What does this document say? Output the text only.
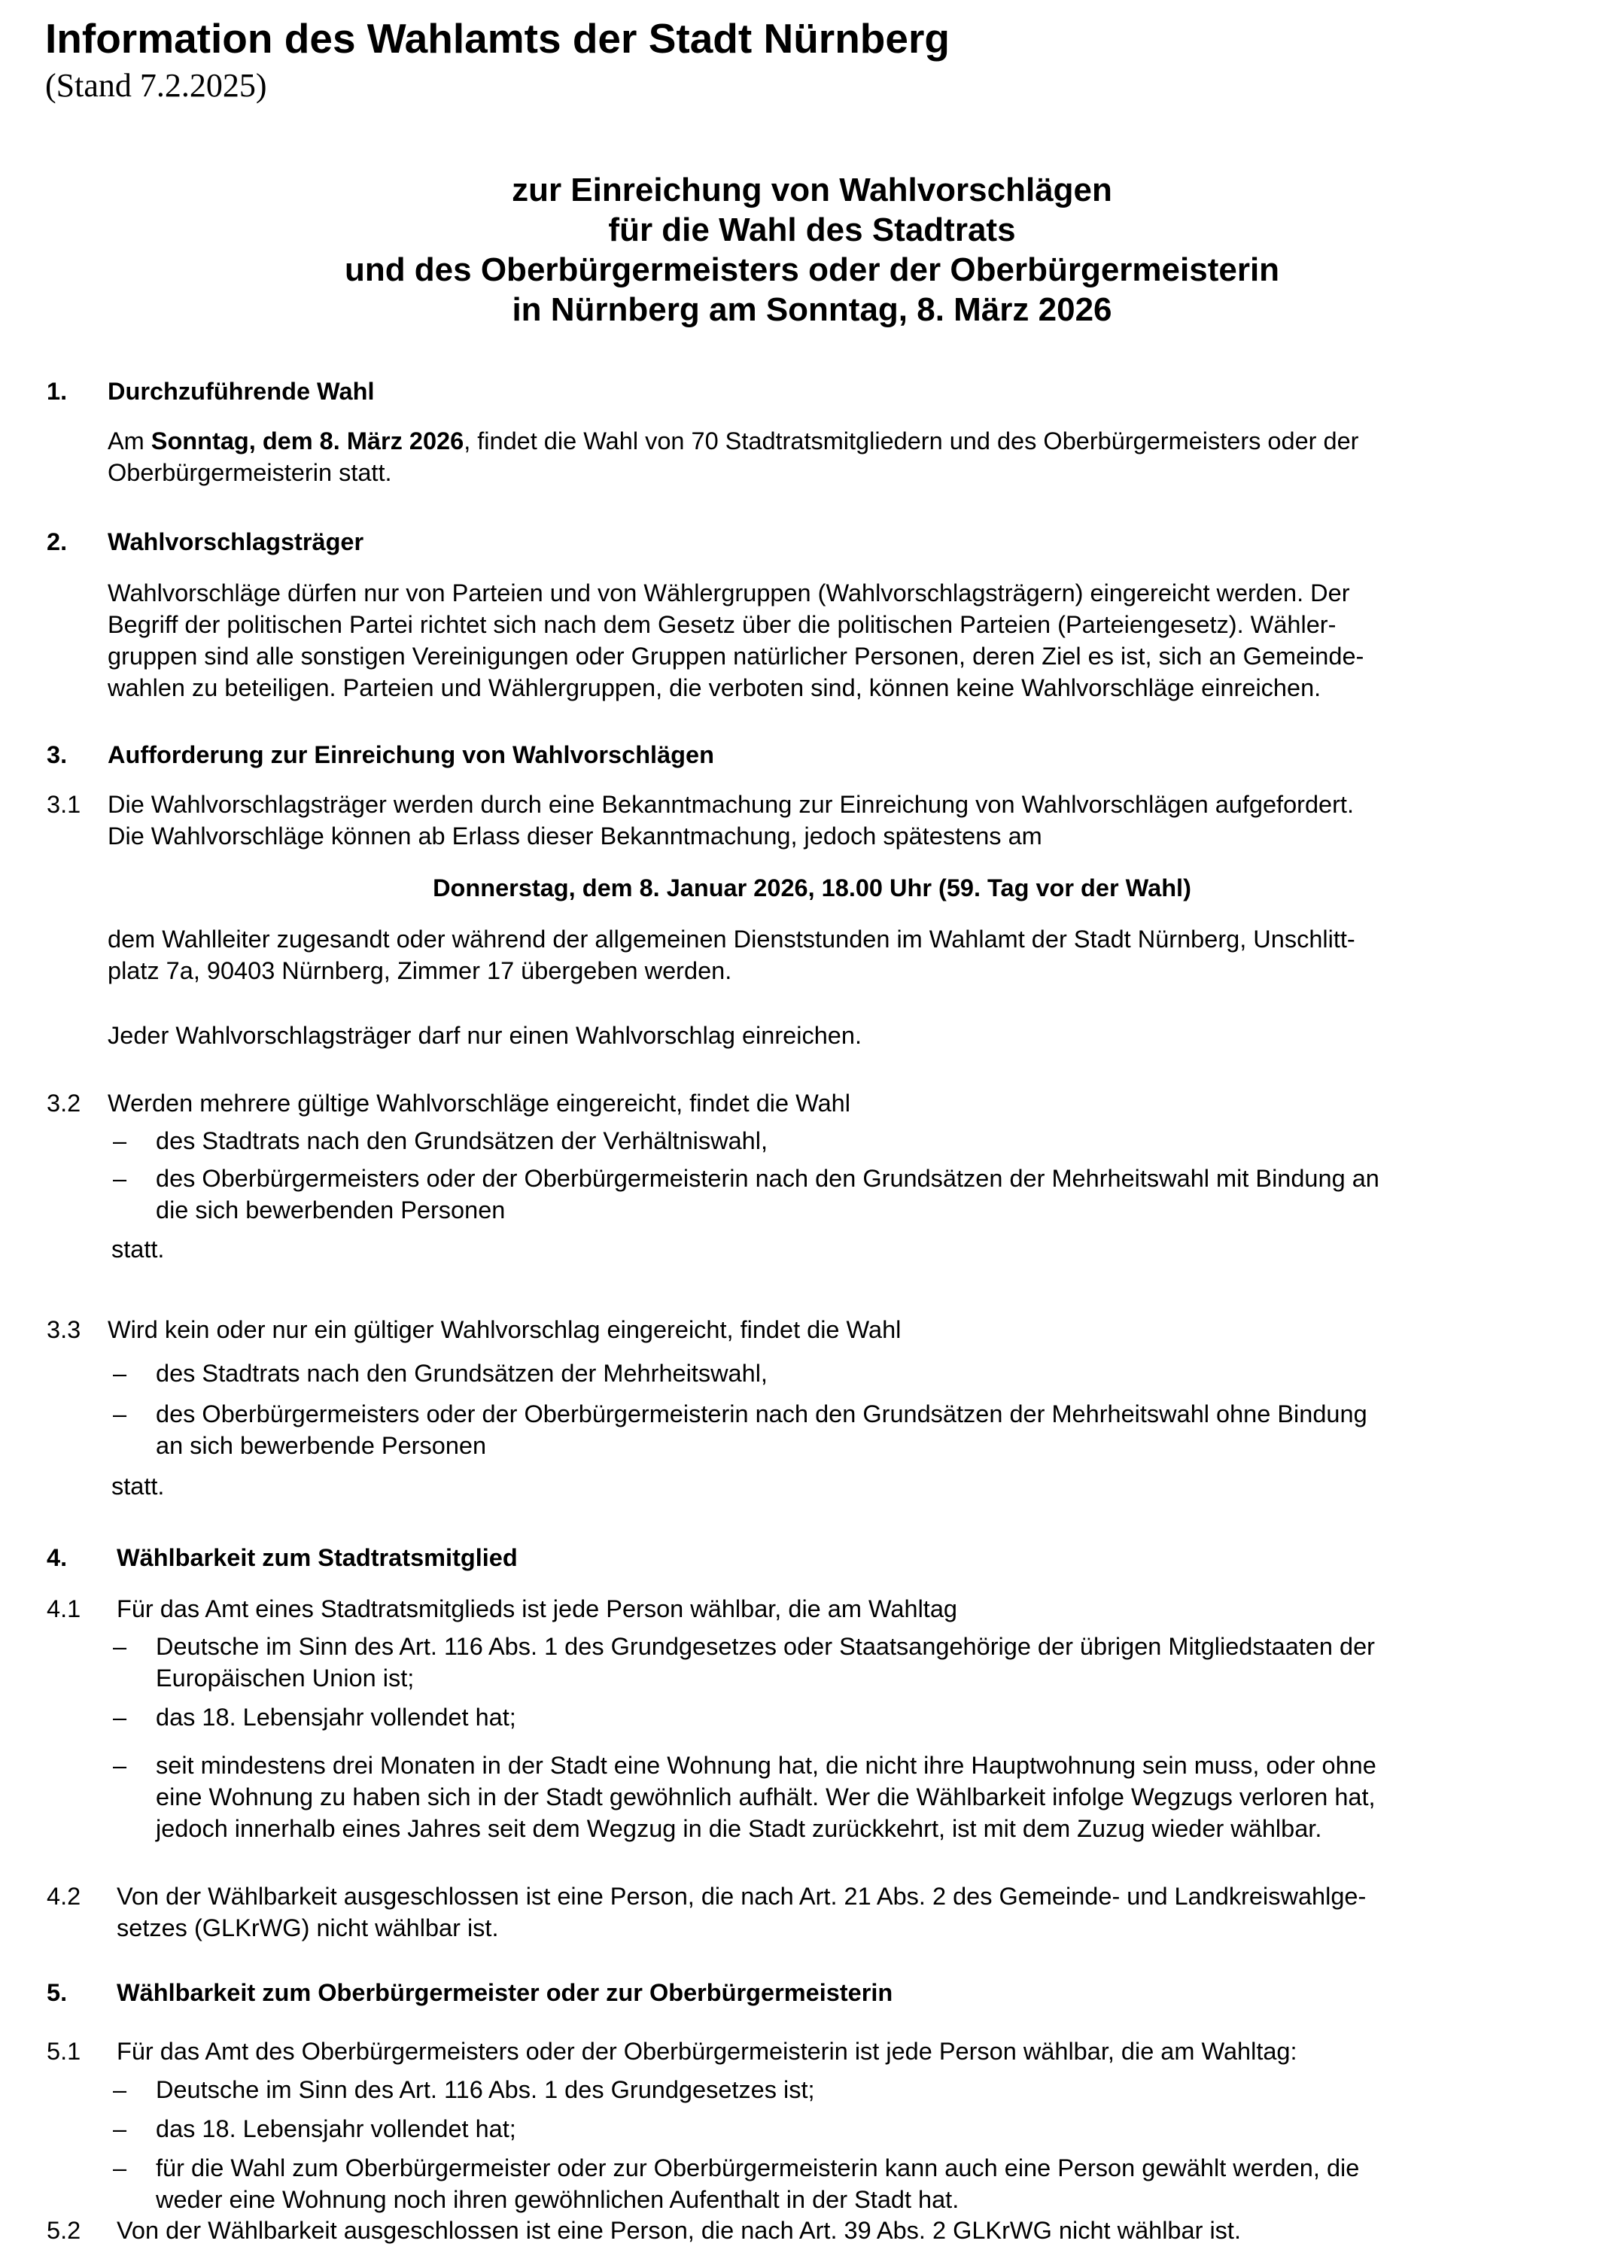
Information des Wahlamts der Stadt Nürnberg
(Stand 7.2.2025)
zur Einreichung von Wahlvorschlägen
für die Wahl des Stadtrats
und des Oberbürgermeisters oder der Oberbürgermeisterin
in Nürnberg am Sonntag, 8. März 2026
1. Durchzuführende Wahl
Am Sonntag, dem 8. März 2026, findet die Wahl von 70 Stadtratsmitgliedern und des Oberbürgermeisters oder der
Oberbürgermeisterin statt.
2. Wahlvorschlagsträger
Wahlvorschläge dürfen nur von Parteien und von Wählergruppen (Wahlvorschlagsträgern) eingereicht werden. Der
Begriff der politischen Partei richtet sich nach dem Gesetz über die politischen Parteien (Parteiengesetz). Wähler-
gruppen sind alle sonstigen Vereinigungen oder Gruppen natürlicher Personen, deren Ziel es ist, sich an Gemeinde-
wahlen zu beteiligen. Parteien und Wählergruppen, die verboten sind, können keine Wahlvorschläge einreichen.
3. Aufforderung zur Einreichung von Wahlvorschlägen
3.1 Die Wahlvorschlagsträger werden durch eine Bekanntmachung zur Einreichung von Wahlvorschlägen aufgefordert.
Die Wahlvorschläge können ab Erlass dieser Bekanntmachung, jedoch spätestens am
Donnerstag, dem 8. Januar 2026, 18.00 Uhr (59. Tag vor der Wahl)
dem Wahlleiter zugesandt oder während der allgemeinen Dienststunden im Wahlamt der Stadt Nürnberg, Unschlitt-
platz 7a, 90403 Nürnberg, Zimmer 17 übergeben werden.
Jeder Wahlvorschlagsträger darf nur einen Wahlvorschlag einreichen.
3.2 Werden mehrere gültige Wahlvorschläge eingereicht, findet die Wahl
– des Stadtrats nach den Grundsätzen der Verhältniswahl,
– des Oberbürgermeisters oder der Oberbürgermeisterin nach den Grundsätzen der Mehrheitswahl mit Bindung an
die sich bewerbenden Personen
statt.
3.3 Wird kein oder nur ein gültiger Wahlvorschlag eingereicht, findet die Wahl
– des Stadtrats nach den Grundsätzen der Mehrheitswahl,
– des Oberbürgermeisters oder der Oberbürgermeisterin nach den Grundsätzen der Mehrheitswahl ohne Bindung
an sich bewerbende Personen
statt.
4. Wählbarkeit zum Stadtratsmitglied
4.1 Für das Amt eines Stadtratsmitglieds ist jede Person wählbar, die am Wahltag
– Deutsche im Sinn des Art. 116 Abs. 1 des Grundgesetzes oder Staatsangehörige der übrigen Mitgliedstaaten der
Europäischen Union ist;
– das 18. Lebensjahr vollendet hat;
– seit mindestens drei Monaten in der Stadt eine Wohnung hat, die nicht ihre Hauptwohnung sein muss, oder ohne
eine Wohnung zu haben sich in der Stadt gewöhnlich aufhält. Wer die Wählbarkeit infolge Wegzugs verloren hat,
jedoch innerhalb eines Jahres seit dem Wegzug in die Stadt zurückkehrt, ist mit dem Zuzug wieder wählbar.
4.2 Von der Wählbarkeit ausgeschlossen ist eine Person, die nach Art. 21 Abs. 2 des Gemeinde- und Landkreiswahlge-
setzes (GLKrWG) nicht wählbar ist.
5. Wählbarkeit zum Oberbürgermeister oder zur Oberbürgermeisterin
5.1 Für das Amt des Oberbürgermeisters oder der Oberbürgermeisterin ist jede Person wählbar, die am Wahltag:
– Deutsche im Sinn des Art. 116 Abs. 1 des Grundgesetzes ist;
– das 18. Lebensjahr vollendet hat;
– für die Wahl zum Oberbürgermeister oder zur Oberbürgermeisterin kann auch eine Person gewählt werden, die
weder eine Wohnung noch ihren gewöhnlichen Aufenthalt in der Stadt hat.
5.2 Von der Wählbarkeit ausgeschlossen ist eine Person, die nach Art. 39 Abs. 2 GLKrWG nicht wählbar ist.
